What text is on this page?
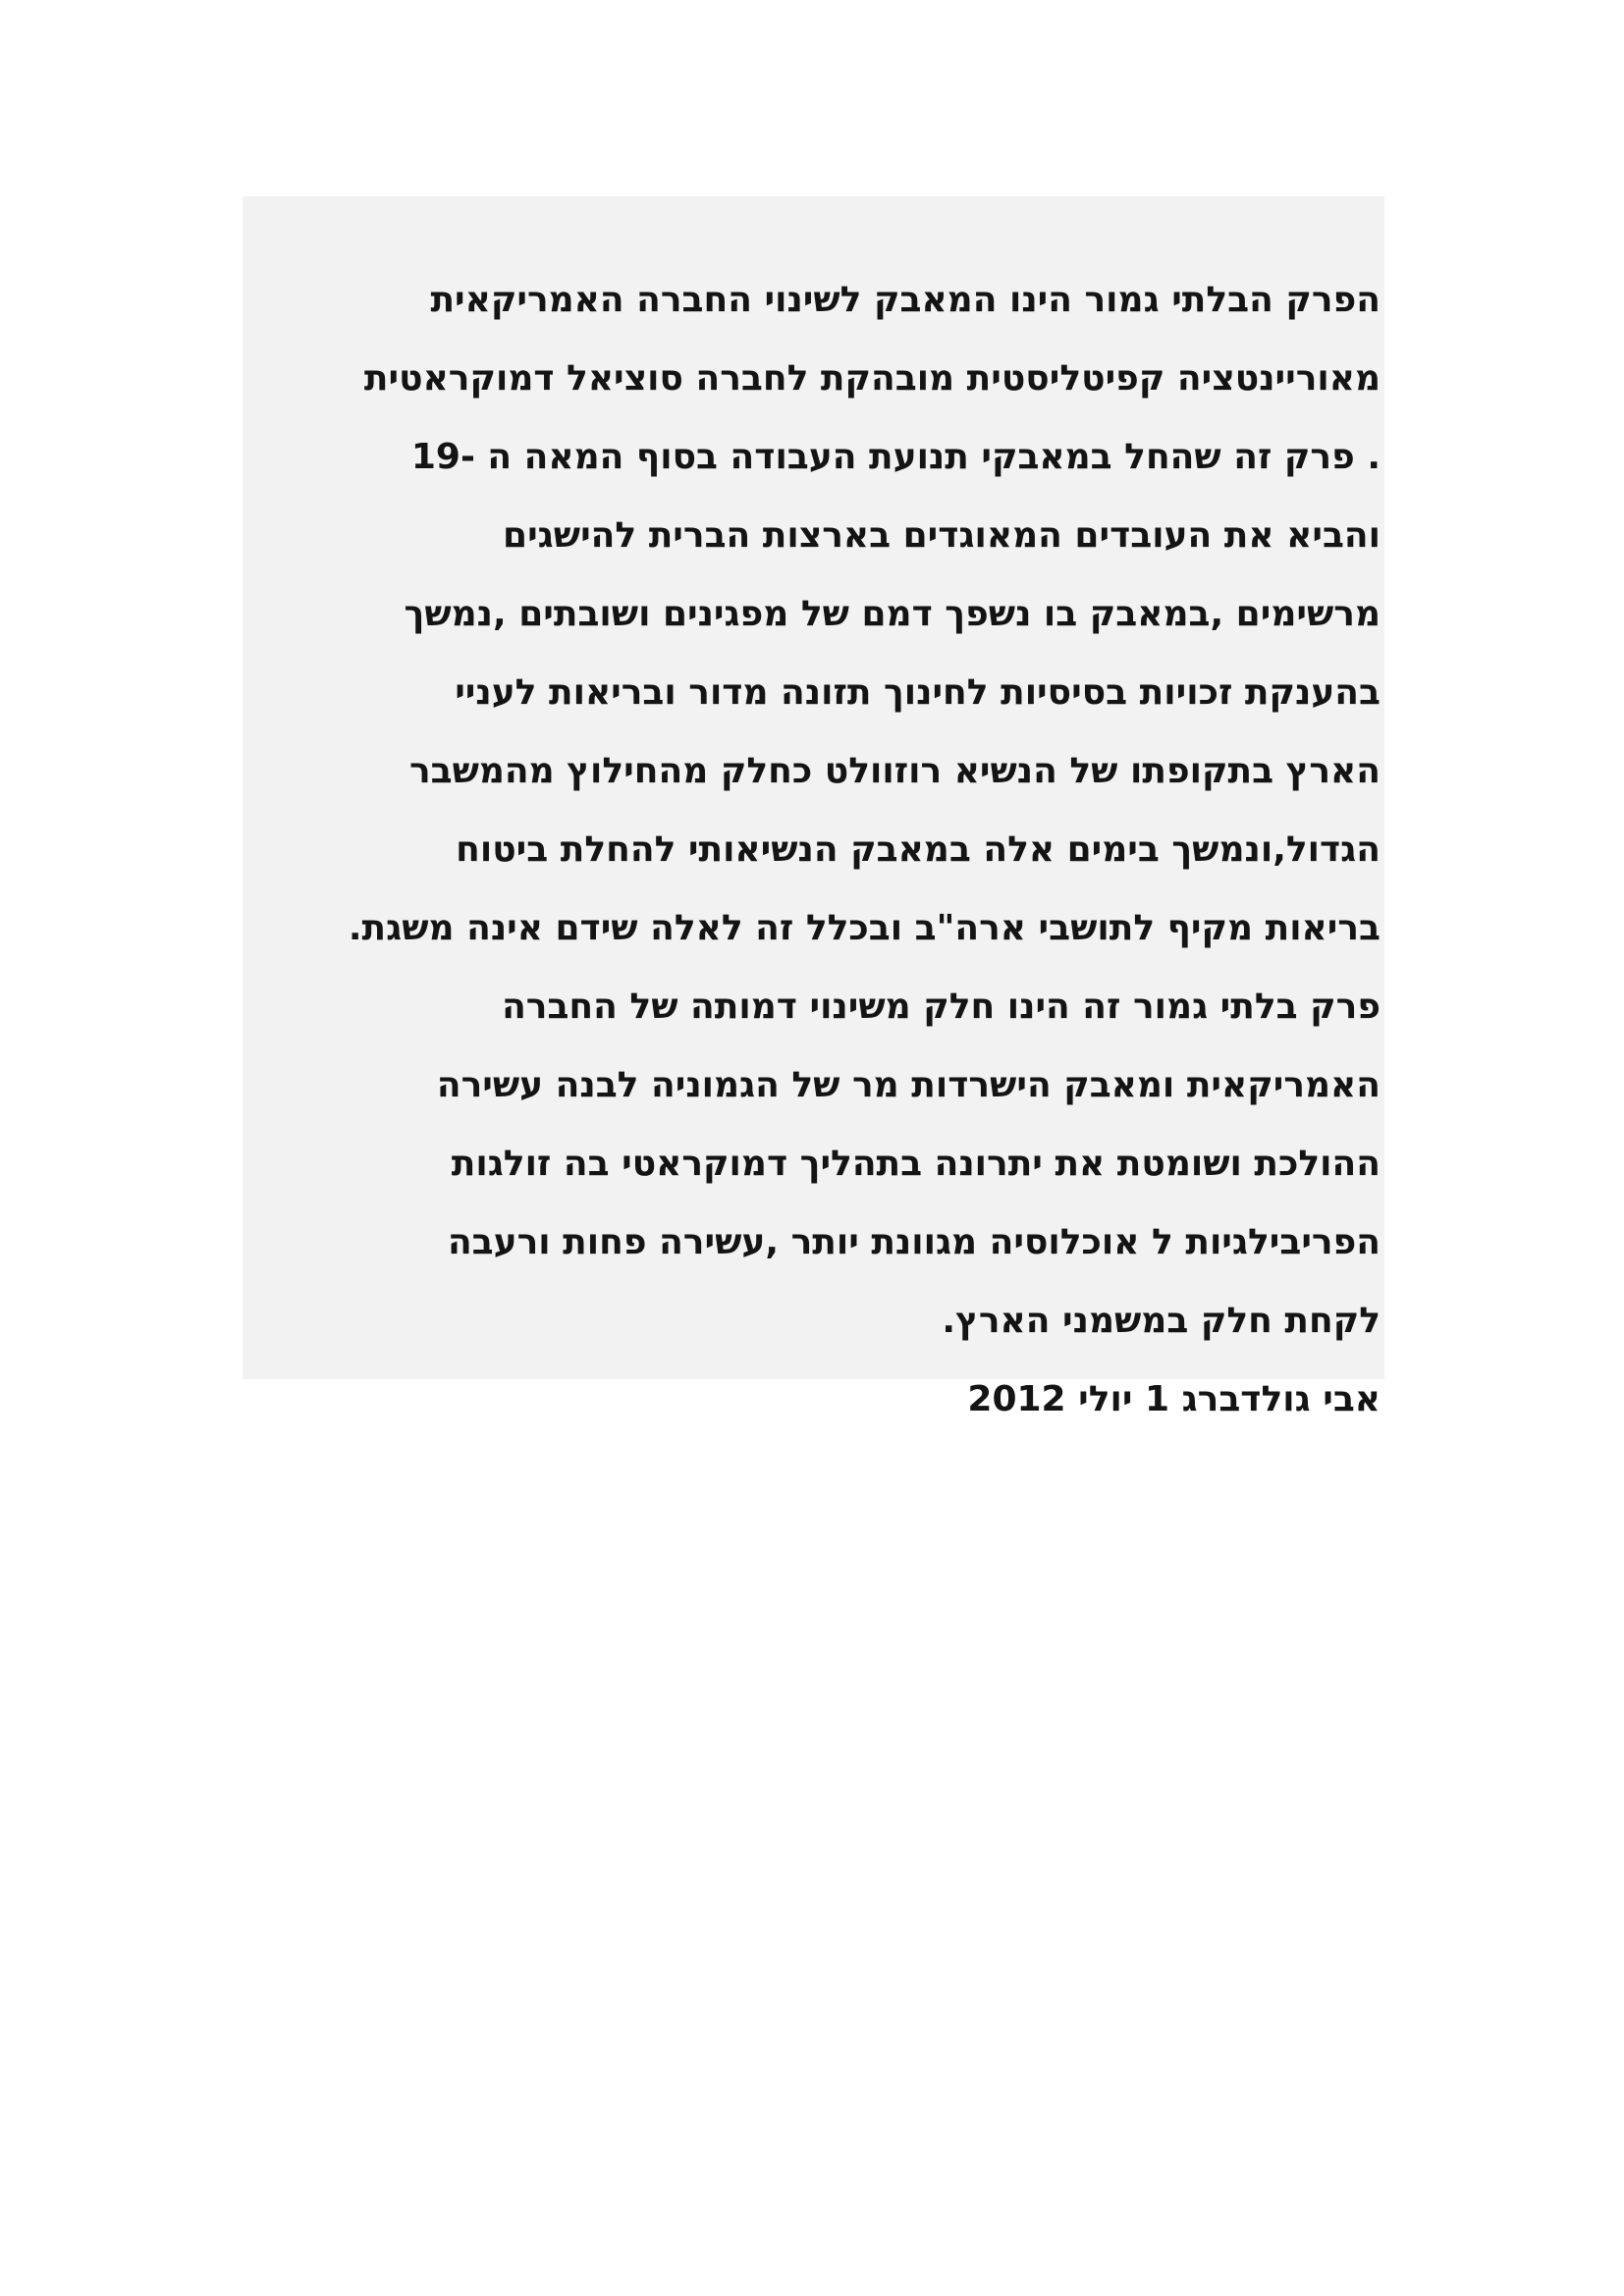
הפרק הבלתי גמור הינו המאבק לשינוי החברה האמריקאית
מאוריינטציה קפיטליסטית מובהקת לחברה סוציאל דמוקראטית
. פרק זה שהחל במאבקי תנועת העבודה בסוף המאה ה -19
והביא את העובדים המאוגדים בארצות הברית להישגים
מרשימים ,במאבק בו נשפך דמם של מפגינים ושובתים ,נמשך
בהענקת זכויות בסיסיות לחינוך תזונה מדור ובריאות לעניי
הארץ בתקופתו של הנשיא רוזוולט כחלק מהחילוץ מהמשבר
הגדול,ונמשך בימים אלה במאבק הנשיאותי להחלת ביטוח
בריאות מקיף לתושבי ארה"ב ובכלל זה לאלה שידם אינה משגת.
פרק בלתי גמור זה הינו חלק משינוי דמותה של החברה
האמריקאית ומאבק הישרדות מר של הגמוניה לבנה עשירה
ההולכת ושומטת את יתרונה בתהליך דמוקראטי בה זולגות
הפריבילגיות ל אוכלוסיה מגוונת יותר ,עשירה פחות ורעבה
לקחת חלק במשמני הארץ.
אבי גולדברג 1 יולי 2012
